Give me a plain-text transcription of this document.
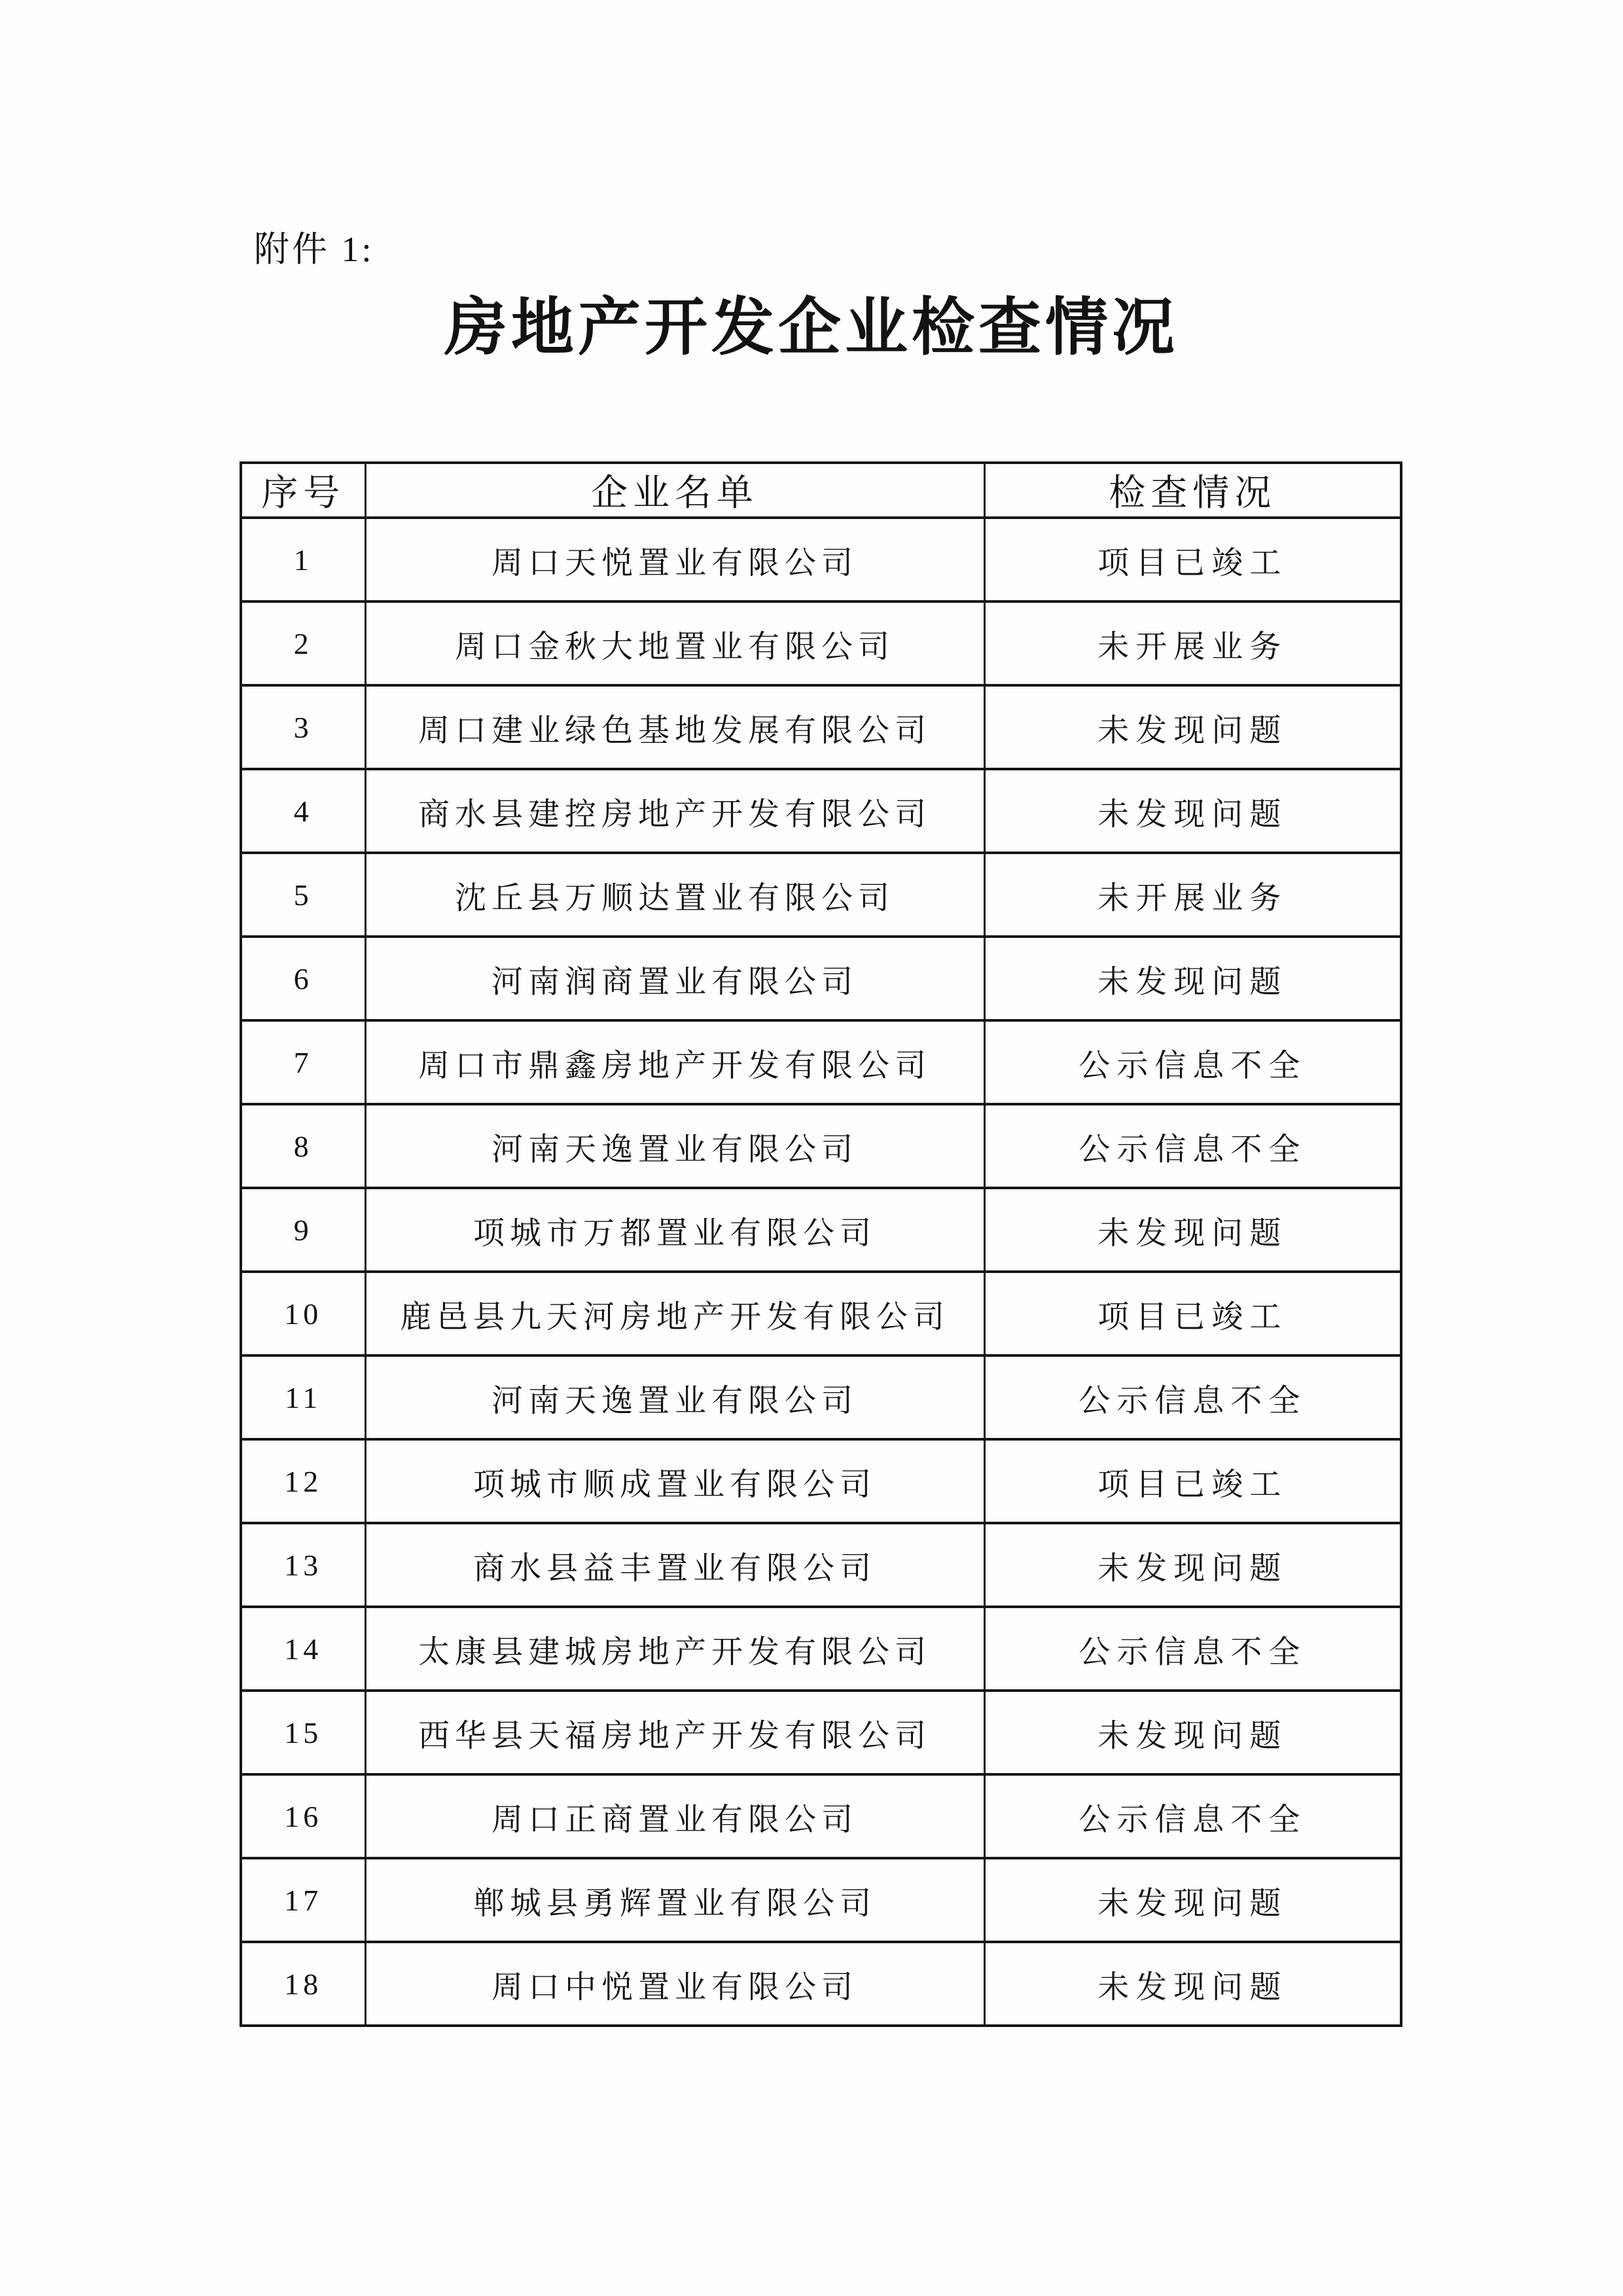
附件 1:
房地产开发企业检查情况
序号	企业名单	检查情况
1	周口天悦置业有限公司	项目已竣工
2	周口金秋大地置业有限公司	未开展业务
3	周口建业绿色基地发展有限公司	未发现问题
4	商水县建控房地产开发有限公司	未发现问题
5	沈丘县万顺达置业有限公司	未开展业务
6	河南润商置业有限公司	未发现问题
7	周口市鼎鑫房地产开发有限公司	公示信息不全
8	河南天逸置业有限公司	公示信息不全
9	项城市万都置业有限公司	未发现问题
10	鹿邑县九天河房地产开发有限公司	项目已竣工
11	河南天逸置业有限公司	公示信息不全
12	项城市顺成置业有限公司	项目已竣工
13	商水县益丰置业有限公司	未发现问题
14	太康县建城房地产开发有限公司	公示信息不全
15	西华县天福房地产开发有限公司	未发现问题
16	周口正商置业有限公司	公示信息不全
17	郸城县勇辉置业有限公司	未发现问题
18	周口中悦置业有限公司	未发现问题
